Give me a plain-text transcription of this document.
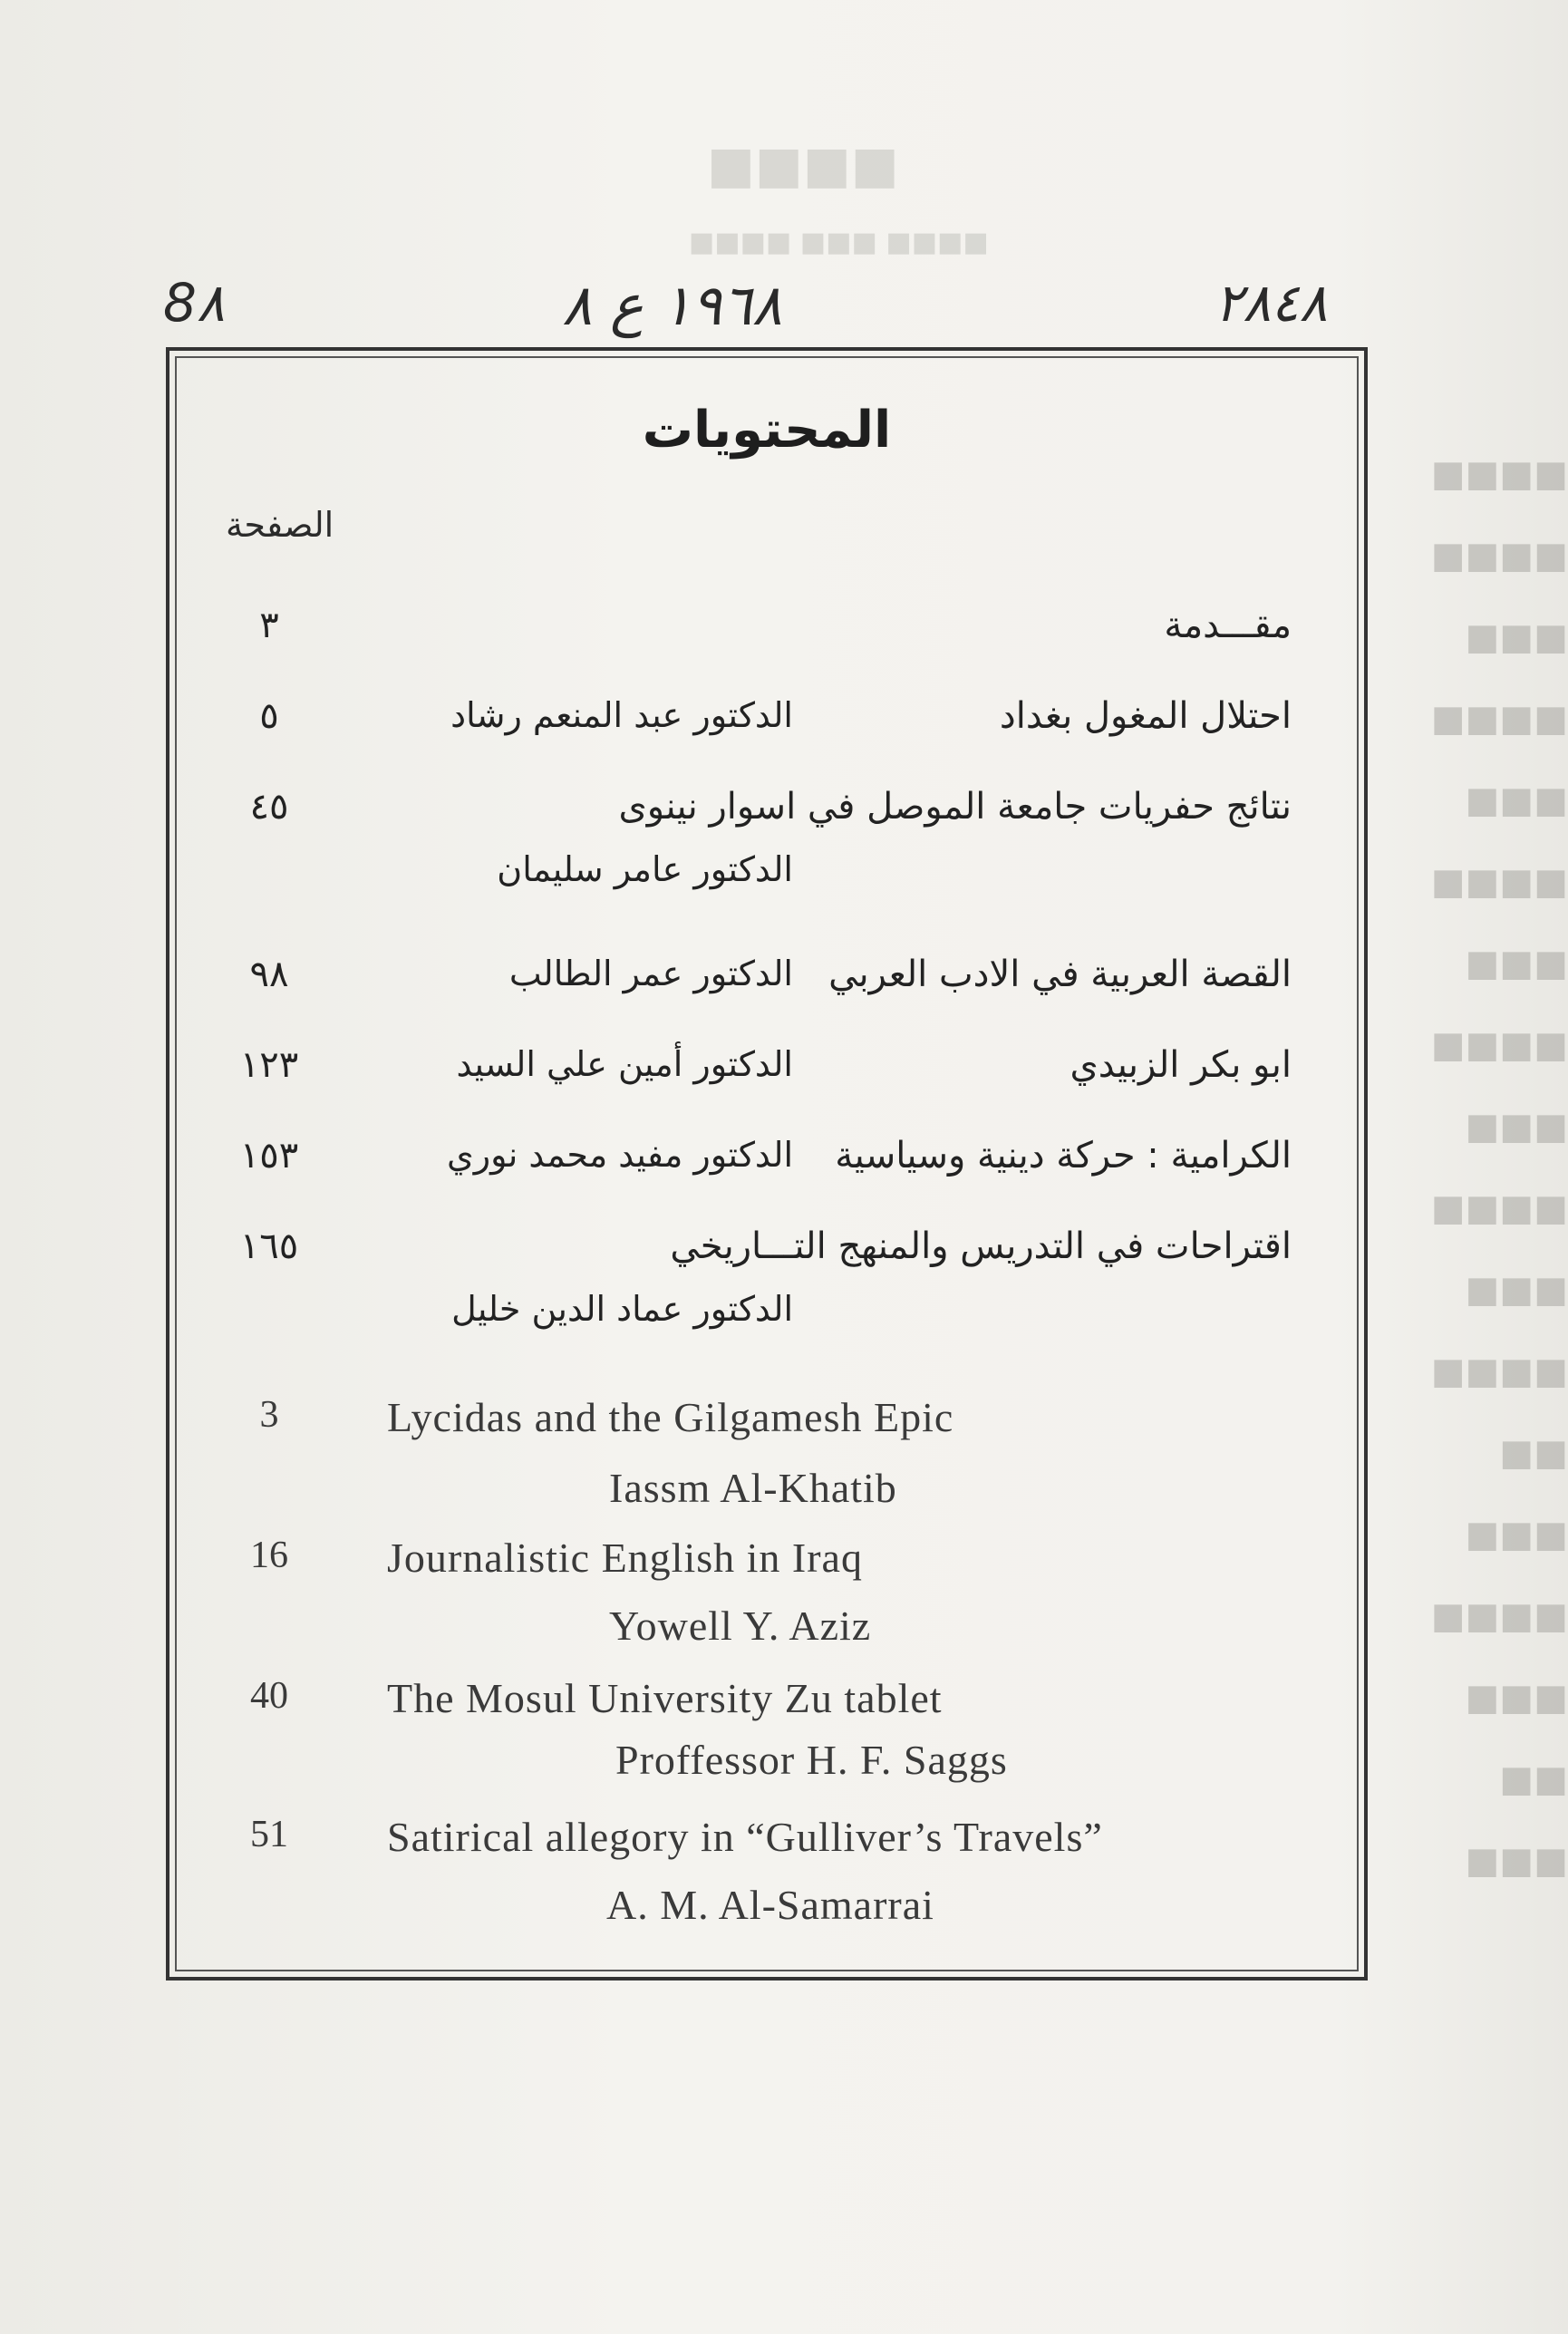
■■■■
■■■■ ■■■ ■■■■
■■■■
■■■■
■■■
■■■■
■■■
■■■■
■■■
■■■■
■■■
■■■■
■■■
■■■■
■■
■■■
■■■■
■■■
■■
■■■
8٨	١٩٦٨ ع ٨	٢٨٤٨
المحتويات
الصفحة
٣	مقـــدمة
٥	احتلال المغول بغداد
الدكتور عبد المنعم رشاد
٤٥	نتائج حفريات جامعة الموصل في اسوار نينوى
الدكتور عامر سليمان
٩٨	القصة العربية في الادب العربي
الدكتور عمر الطالب
١٢٣	ابو بكر الزبيدي
الدكتور أمين علي السيد
١٥٣	الكرامية : حركة دينية وسياسية
الدكتور مفيد محمد نوري
١٦٥	اقتراحات في التدريس والمنهج التـــاريخي
الدكتور عماد الدين خليل
3	Lycidas and the Gilgamesh Epic
Iassm Al-Khatib
16	Journalistic English in Iraq
Yowell Y. Aziz
40	The Mosul University Zu tablet
Proffessor H. F. Saggs
51	Satirical allegory in “Gulliver’s Travels”
A. M. Al-Samarrai
